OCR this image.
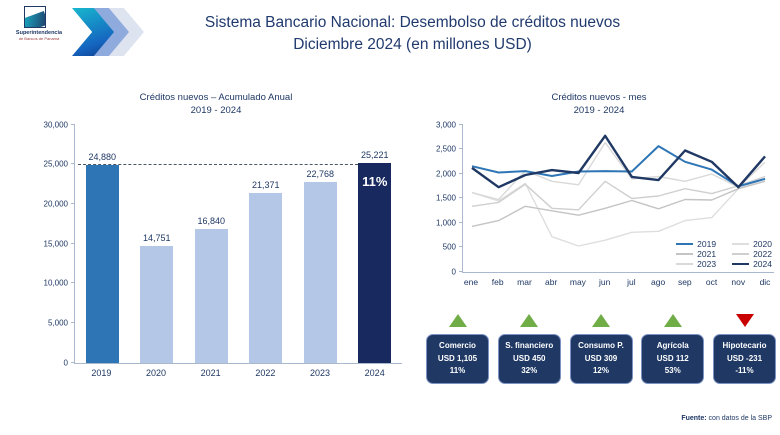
Superintendencia
de Bancos de Panamá
Sistema Bancario Nacional: Desembolso de créditos nuevos
Diciembre 2024 (en millones USD)
Créditos nuevos – Acumulado Anual
2019 - 2024
0
5,000
10,000
15,000
20,000
25,000
30,000
24,880
14,751
16,840
21,371
22,768	11%
25,221
2019	2020	2021	2022	2023	2024
Créditos nuevos - mes
2019 - 2024
0
500
1,000
1,500
2,000
2,500
3,000
2019	2020
2021	2022
2023	2024
ene feb mar abr may jun jul ago sep oct nov dic
Comercio
USD 1,105
11%
S. financiero
USD 450
32%
Consumo P.
USD 309
12%
Agrícola
USD 112
53%
Hipotecario
USD -231
-11%
Fuente: con datos de la SBP
